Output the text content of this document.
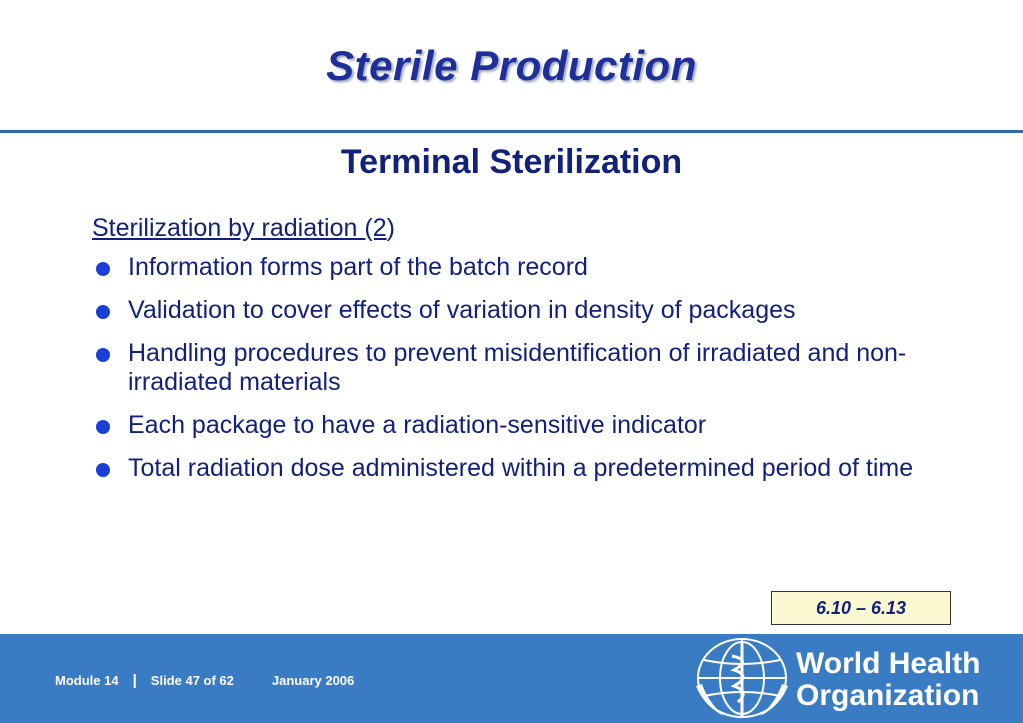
Sterile Production
Terminal Sterilization
Sterilization by radiation (2)
Information forms part of the batch record
Validation to cover effects of variation in density of packages
Handling procedures to prevent misidentification of irradiated and non-irradiated materials
Each package to have a radiation-sensitive indicator
Total radiation dose administered within a predetermined period of time
6.10 – 6.13
Module 14 | Slide 47 of 62	January 2006
World Health
Organization
